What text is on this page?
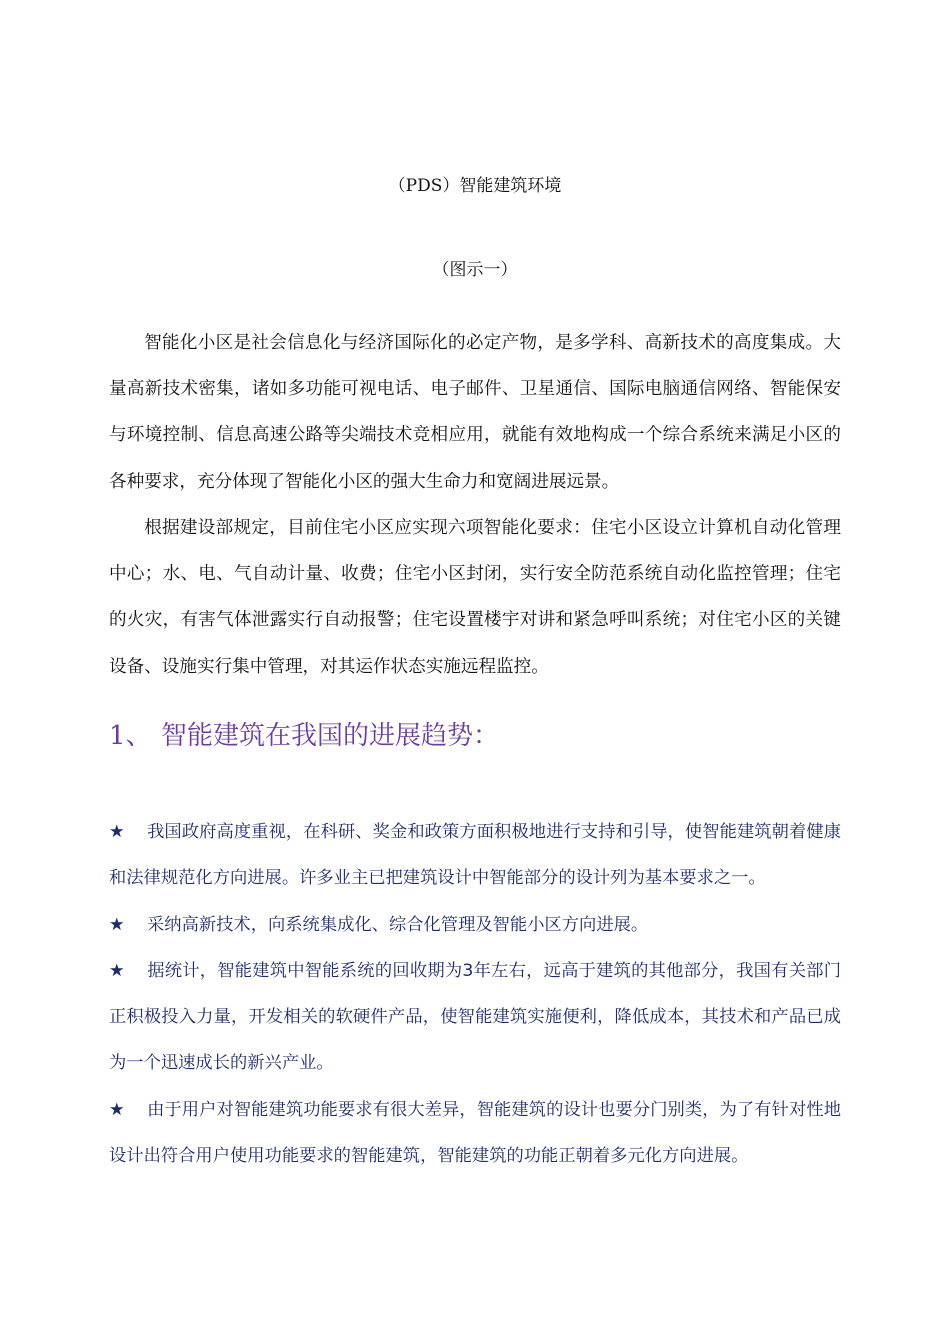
（PDS）智能建筑环境
（图示一）

智能化小区是社会信息化与经济国际化的必定产物，是多学科、高新技术的高度集成。大量高新技术密集，诸如多功能可视电话、电子邮件、卫星通信、国际电脑通信网络、智能保安与环境控制、信息高速公路等尖端技术竞相应用，就能有效地构成一个综合系统来满足小区的各种要求，充分体现了智能化小区的强大生命力和宽阔进展远景。

根据建设部规定，目前住宅小区应实现六项智能化要求：住宅小区设立计算机自动化管理中心；水、电、气自动计量、收费；住宅小区封闭，实行安全防范系统自动化监控管理；住宅的火灾，有害气体泄露实行自动报警；住宅设置楼宇对讲和紧急呼叫系统；对住宅小区的关键设备、设施实行集中管理，对其运作状态实施远程监控。

1、 智能建筑在我国的进展趋势：
★ 我国政府高度重视，在科研、奖金和政策方面积极地进行支持和引导，使智能建筑朝着健康和法律规范化方向进展。许多业主已把建筑设计中智能部分的设计列为基本要求之一。
★ 采纳高新技术，向系统集成化、综合化管理及智能小区方向进展。
★ 据统计，智能建筑中智能系统的回收期为3年左右，远高于建筑的其他部分，我国有关部门正积极投入力量，开发相关的软硬件产品，使智能建筑实施便利，降低成本，其技术和产品已成为一个迅速成长的新兴产业。
★ 由于用户对智能建筑功能要求有很大差异，智能建筑的设计也要分门别类，为了有针对性地设计出符合用户使用功能要求的智能建筑，智能建筑的功能正朝着多元化方向进展。
